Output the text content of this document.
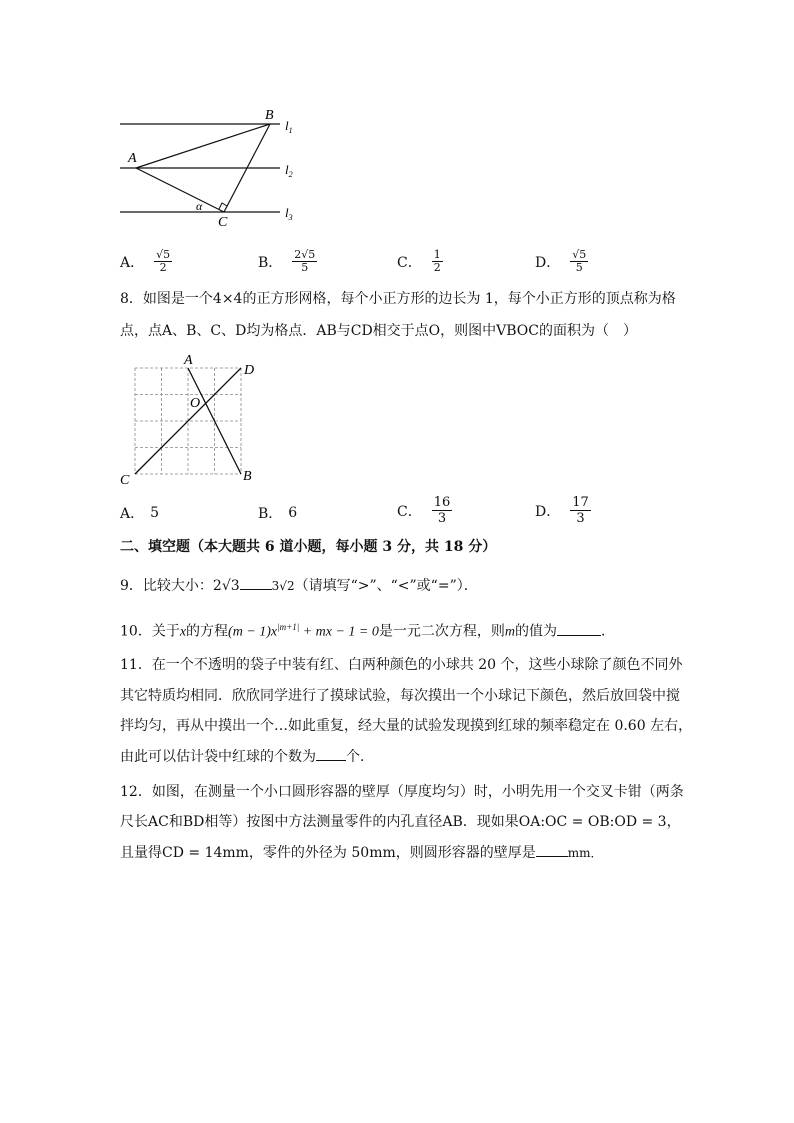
B
A
C
α
$l_1$
$l_2$
$l_3$
A． $\frac{√5}{2}$	B． $\frac{2√5}{5}$	C． $\frac{1}{2}$	D． $\frac{√5}{5}$
8．如图是一个4×4的正方形网格，每个小正方形的边长为 1，每个小正方形的顶点称为格
点，点A、B、C、D均为格点．AB与CD相交于点O，则图中VBOC的面积为（　）
A
D
O
C	B
A． 5	B． 6	C． $\frac{16}{3}$	D． $\frac{17}{3}$
二、填空题（本大题共 6 道小题，每小题 3 分，共 18 分）
9．比较大小：2√3	3√2（请填写“>”、“<”或“=”）．
10．关于x的方程$(m - 1)x^{|m+1|}$ + mx − 1 = 0是一元二次方程，则m的值为	．
11．在一个不透明的袋子中装有红、白两种颜色的小球共 20 个，这些小球除了颜色不同外
其它特质均相同．欣欣同学进行了摸球试验，每次摸出一个小球记下颜色，然后放回袋中搅
拌均匀，再从中摸出一个…如此重复，经大量的试验发现摸到红球的频率稳定在 0.60 左右，
由此可以估计袋中红球的个数为 个．
12．如图，在测量一个小口圆形容器的壁厚（厚度均匀）时，小明先用一个交叉卡钳（两条
尺长AC和BD相等）按图中方法测量零件的内孔直径AB．现如果OA:OC = OB:OD = 3，
且量得CD = 14mm，零件的外径为 50mm，则圆形容器的壁厚是	mm．
